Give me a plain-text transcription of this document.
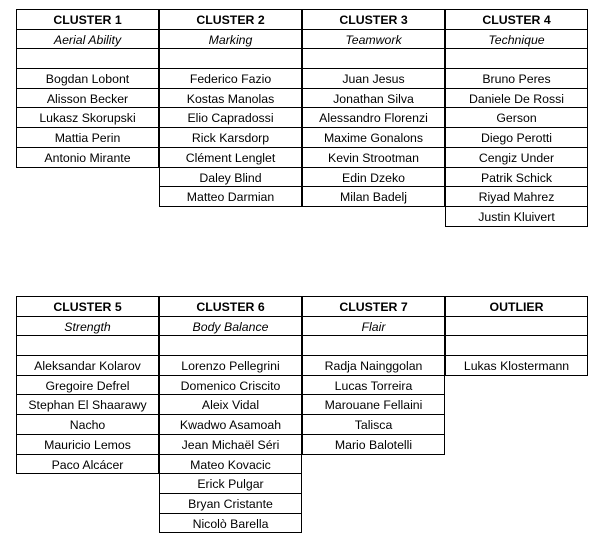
CLUSTER 1
Aerial Ability
Bogdan Lobont
Alisson Becker
Lukasz Skorupski
Mattia Perin
Antonio Mirante
CLUSTER 2
Marking
Federico Fazio
Kostas Manolas
Elio Capradossi
Rick Karsdorp
Clément Lenglet
Daley Blind
Matteo Darmian
CLUSTER 3
Teamwork
Juan Jesus
Jonathan Silva
Alessandro Florenzi
Maxime Gonalons
Kevin Strootman
Edin Dzeko
Milan Badelj
CLUSTER 4
Technique
Bruno Peres
Daniele De Rossi
Gerson
Diego Perotti
Cengiz Under
Patrik Schick
Riyad Mahrez
Justin Kluivert
CLUSTER 5
Strength
Aleksandar Kolarov
Gregoire Defrel
Stephan El Shaarawy
Nacho
Mauricio Lemos
Paco Alcácer
CLUSTER 6
Body Balance
Lorenzo Pellegrini
Domenico Criscito
Aleix Vidal
Kwadwo Asamoah
Jean Michaël Séri
Mateo Kovacic
Erick Pulgar
Bryan Cristante
Nicolò Barella
CLUSTER 7
Flair
Radja Nainggolan
Lucas Torreira
Marouane Fellaini
Talisca
Mario Balotelli
OUTLIER
Lukas Klostermann
